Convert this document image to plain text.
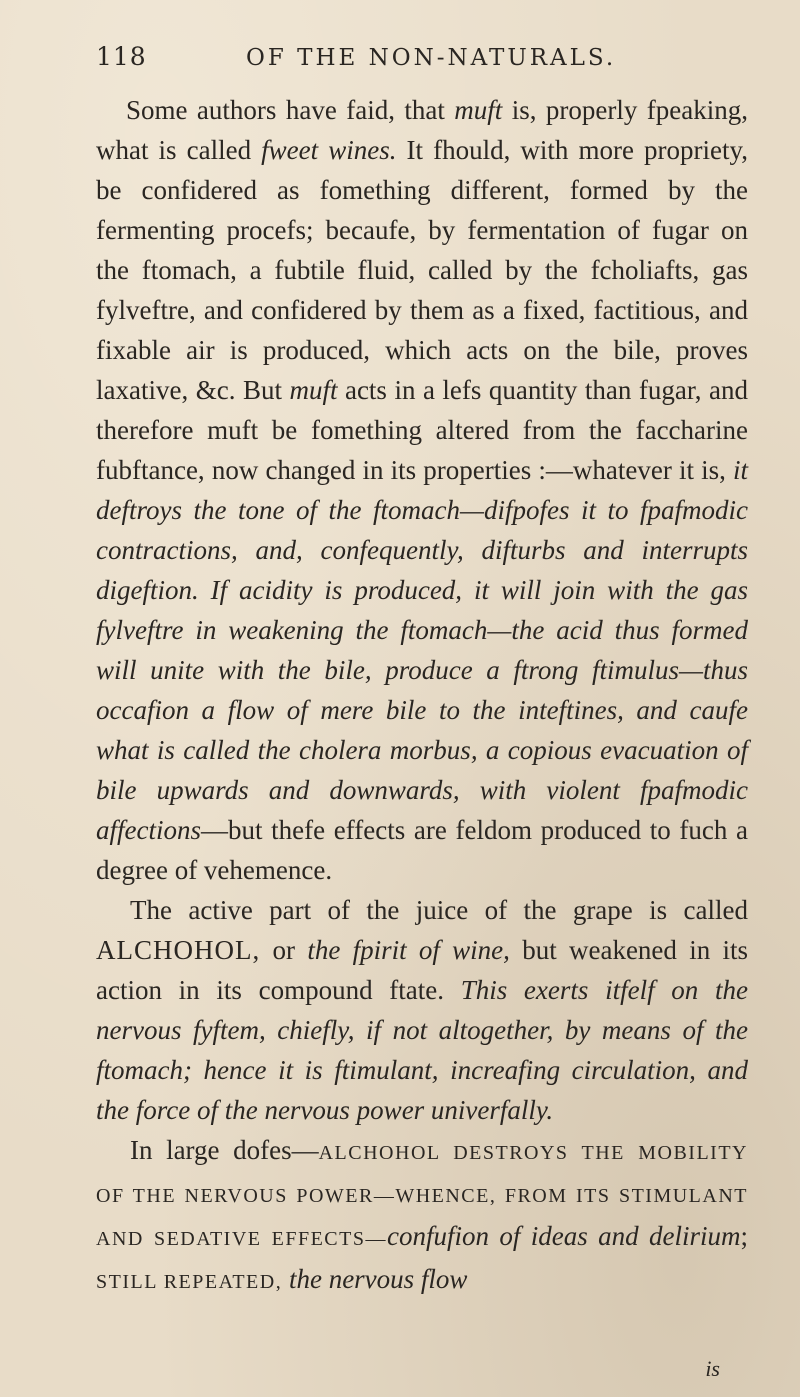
118	OF THE NON-NATURALS.

Some authors have faid, that muft is, properly fpeaking, what is called fweet wines. It fhould, with more propriety, be confidered as fomething different, formed by the fermenting procefs; becaufe, by fermentation of fugar on the ftomach, a fubtile fluid, called by the fcholiafts, gas fylveftre, and confidered by them as a fixed, factitious, and fixable air is produced, which acts on the bile, proves laxative, &c. But muft acts in a lefs quantity than fugar, and therefore muft be fomething altered from the faccharine fubftance, now changed in its properties :—whatever it is, it deftroys the tone of the ftomach—difpofes it to fpafmodic contractions, and, confequently, difturbs and interrupts digeftion. If acidity is produced, it will join with the gas fylveftre in weakening the ftomach—the acid thus formed will unite with the bile, produce a ftrong ftimulus—thus occafion a flow of mere bile to the inteftines, and caufe what is called the cholera morbus, a copious evacuation of bile upwards and downwards, with violent fpafmodic affections—but thefe effects are feldom produced to fuch a degree of vehemence.

The active part of the juice of the grape is called ALCHOHOL, or the fpirit of wine, but weakened in its action in its compound ftate. This exerts itfelf on the nervous fyftem, chiefly, if not altogether, by means of the ftomach; hence it is ftimulant, increafing circulation, and the force of the nervous power univerfally.

In large dofes—ALCHOHOL DESTROYS THE MOBILITY OF THE NERVOUS POWER—WHENCE, FROM ITS STIMULANT AND SEDATIVE EFFECTS—confufion of ideas and delirium; STILL REPEATED, the nervous flow

is
